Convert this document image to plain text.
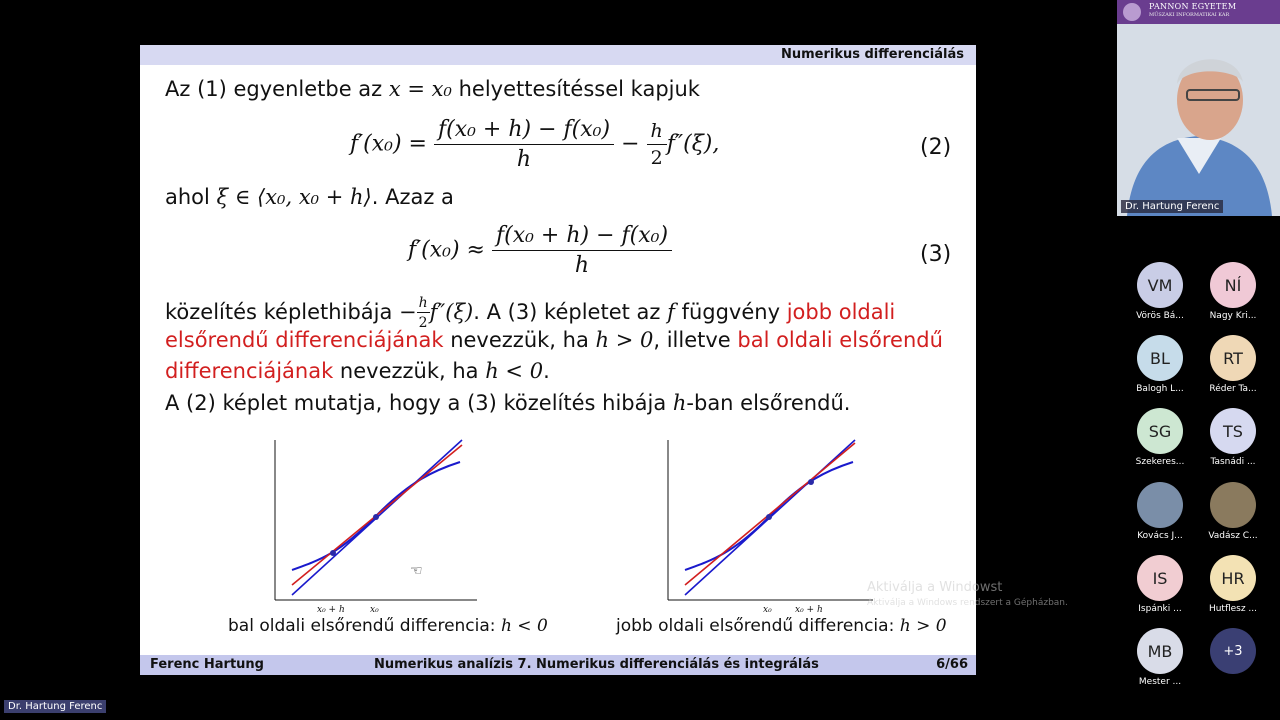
Numerikus differenciálás
Az (1) egyenletbe az x = x₀ helyettesítéssel kapjuk
$f'(x_0) = \frac{\text{f(x₀ + h) − f(x₀)}}{h} - \frac{h}{2} f''(\xi)$,	(2)
ahol ξ ∈ ⟨x₀, x₀ + h⟩. Azaz a
$f'(x_0) \approx \frac{\text{f(x₀ + h) − f(x₀)}}{h}$	(3)
közelítés képlethibája − $\frac{h}{2} f''(\xi)$. A (3) képletet az f függvény jobb oldali
elsőrendű differenciájának nevezzük, ha h > 0, illetve bal oldali elsőrendű
differenciájának nevezzük, ha h < 0.
A (2) képlet mutatja, hogy a (3) közelítés hibája h-ban elsőrendű.
x₀ + h	x₀
bal oldali elsőrendű differencia: h < 0
x₀	x₀ + h
jobb oldali elsőrendű differencia: h > 0
☜
Ferenc Hartung	Numerikus analízis 7. Numerikus differenciálás és integrálás	6/66
PANNON EGYETEM
MŰSZAKI INFORMATIKAI KAR
Dr. Hartung Ferenc
VM
Vörös Bá...
NÍ
Nagy Kri...
BL
Balogh L...
RT
Réder Ta...
SG
Szekeres...
TS
Tasnádi ...
Kovács J...	Vadász C...
IS
Ispánki ...
HR
Hutflesz ...
MB
Mester ...
+3
Dr. Hartung Ferenc
Aktiválja a Windowst
Aktiválja a Windows rendszert a Gépházban.
